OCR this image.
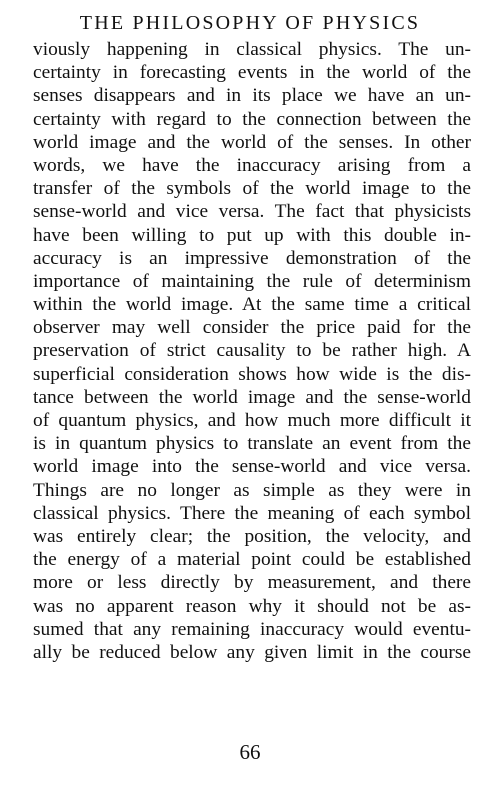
THE PHILOSOPHY OF PHYSICS
viously happening in classical physics. The un-
certainty in forecasting events in the world of the
senses disappears and in its place we have an un-
certainty with regard to the connection between the
world image and the world of the senses. In other
words, we have the inaccuracy arising from a
transfer of the symbols of the world image to the
sense-world and vice versa. The fact that physicists
have been willing to put up with this double in-
accuracy is an impressive demonstration of the
importance of maintaining the rule of determinism
within the world image. At the same time a critical
observer may well consider the price paid for the
preservation of strict causality to be rather high. A
superficial consideration shows how wide is the dis-
tance between the world image and the sense-world
of quantum physics, and how much more difficult it
is in quantum physics to translate an event from the
world image into the sense-world and vice versa.
Things are no longer as simple as they were in
classical physics. There the meaning of each symbol
was entirely clear; the position, the velocity, and
the energy of a material point could be established
more or less directly by measurement, and there
was no apparent reason why it should not be as-
sumed that any remaining inaccuracy would eventu-
ally be reduced below any given limit in the course
66
